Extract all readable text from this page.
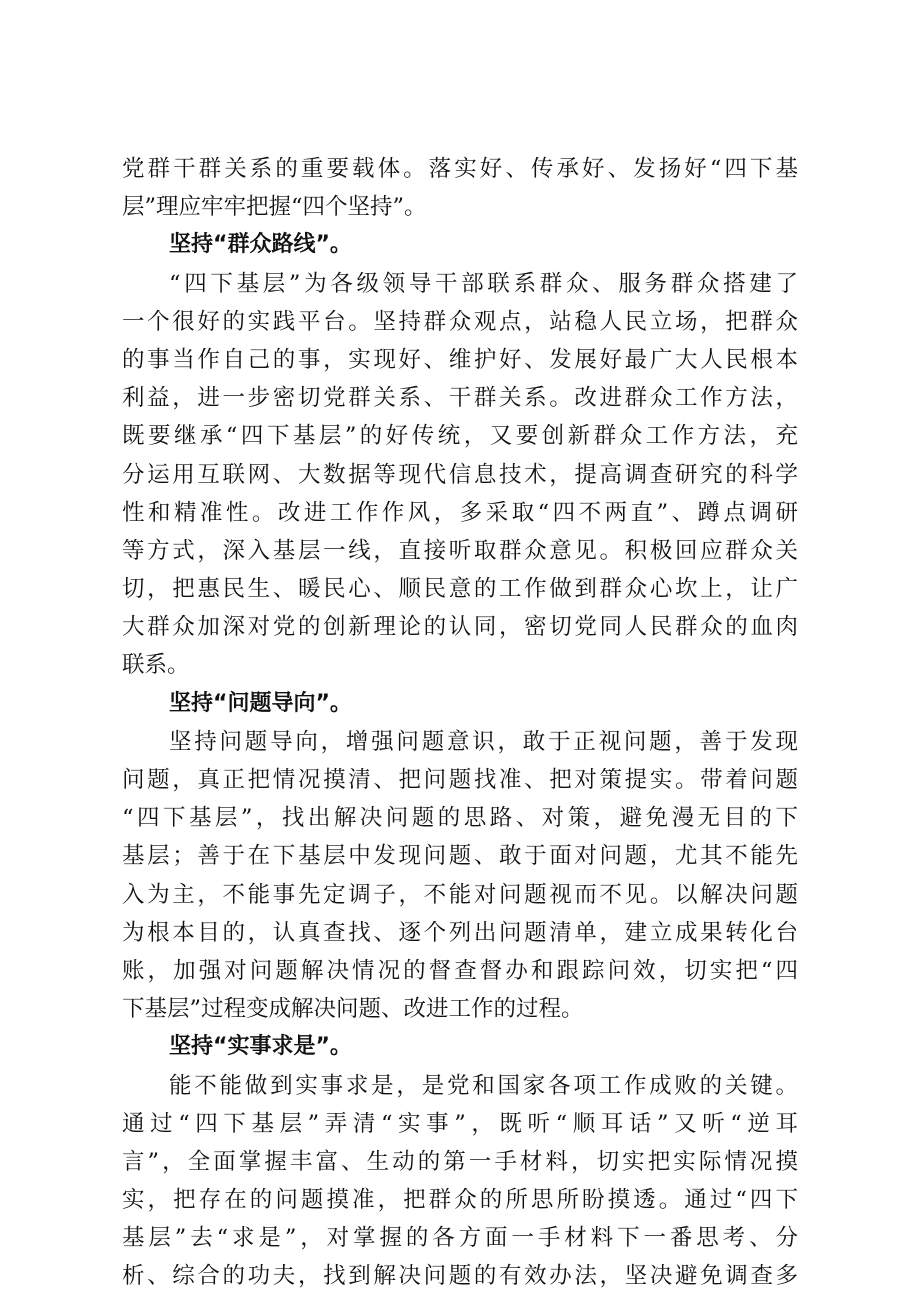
党群干群关系的重要载体。落实好、传承好、发扬好“四下基
层”理应牢牢把握“四个坚持”。
坚持“群众路线”。
“四下基层”为各级领导干部联系群众、服务群众搭建了
一个很好的实践平台。坚持群众观点，站稳人民立场，把群众
的事当作自己的事，实现好、维护好、发展好最广大人民根本
利益，进一步密切党群关系、干群关系。改进群众工作方法，
既要继承“四下基层”的好传统，又要创新群众工作方法，充
分运用互联网、大数据等现代信息技术，提高调查研究的科学
性和精准性。改进工作作风，多采取“四不两直”、蹲点调研
等方式，深入基层一线，直接听取群众意见。积极回应群众关
切，把惠民生、暖民心、顺民意的工作做到群众心坎上，让广
大群众加深对党的创新理论的认同，密切党同人民群众的血肉
联系。
坚持“问题导向”。
坚持问题导向，增强问题意识，敢于正视问题，善于发现
问题，真正把情况摸清、把问题找准、把对策提实。带着问题
“四下基层”，找出解决问题的思路、对策，避免漫无目的下
基层；善于在下基层中发现问题、敢于面对问题，尤其不能先
入为主，不能事先定调子，不能对问题视而不见。以解决问题
为根本目的，认真查找、逐个列出问题清单，建立成果转化台
账，加强对问题解决情况的督查督办和跟踪问效，切实把“四
下基层”过程变成解决问题、改进工作的过程。
坚持“实事求是”。
能不能做到实事求是，是党和国家各项工作成败的关键。
通过“四下基层”弄清“实事”，既听“顺耳话”又听“逆耳
言”，全面掌握丰富、生动的第一手材料，切实把实际情况摸
实，把存在的问题摸准，把群众的所思所盼摸透。通过“四下
基层”去“求是”，对掌握的各方面一手材料下一番思考、分
析、综合的功夫，找到解决问题的有效办法，坚决避免调查多
